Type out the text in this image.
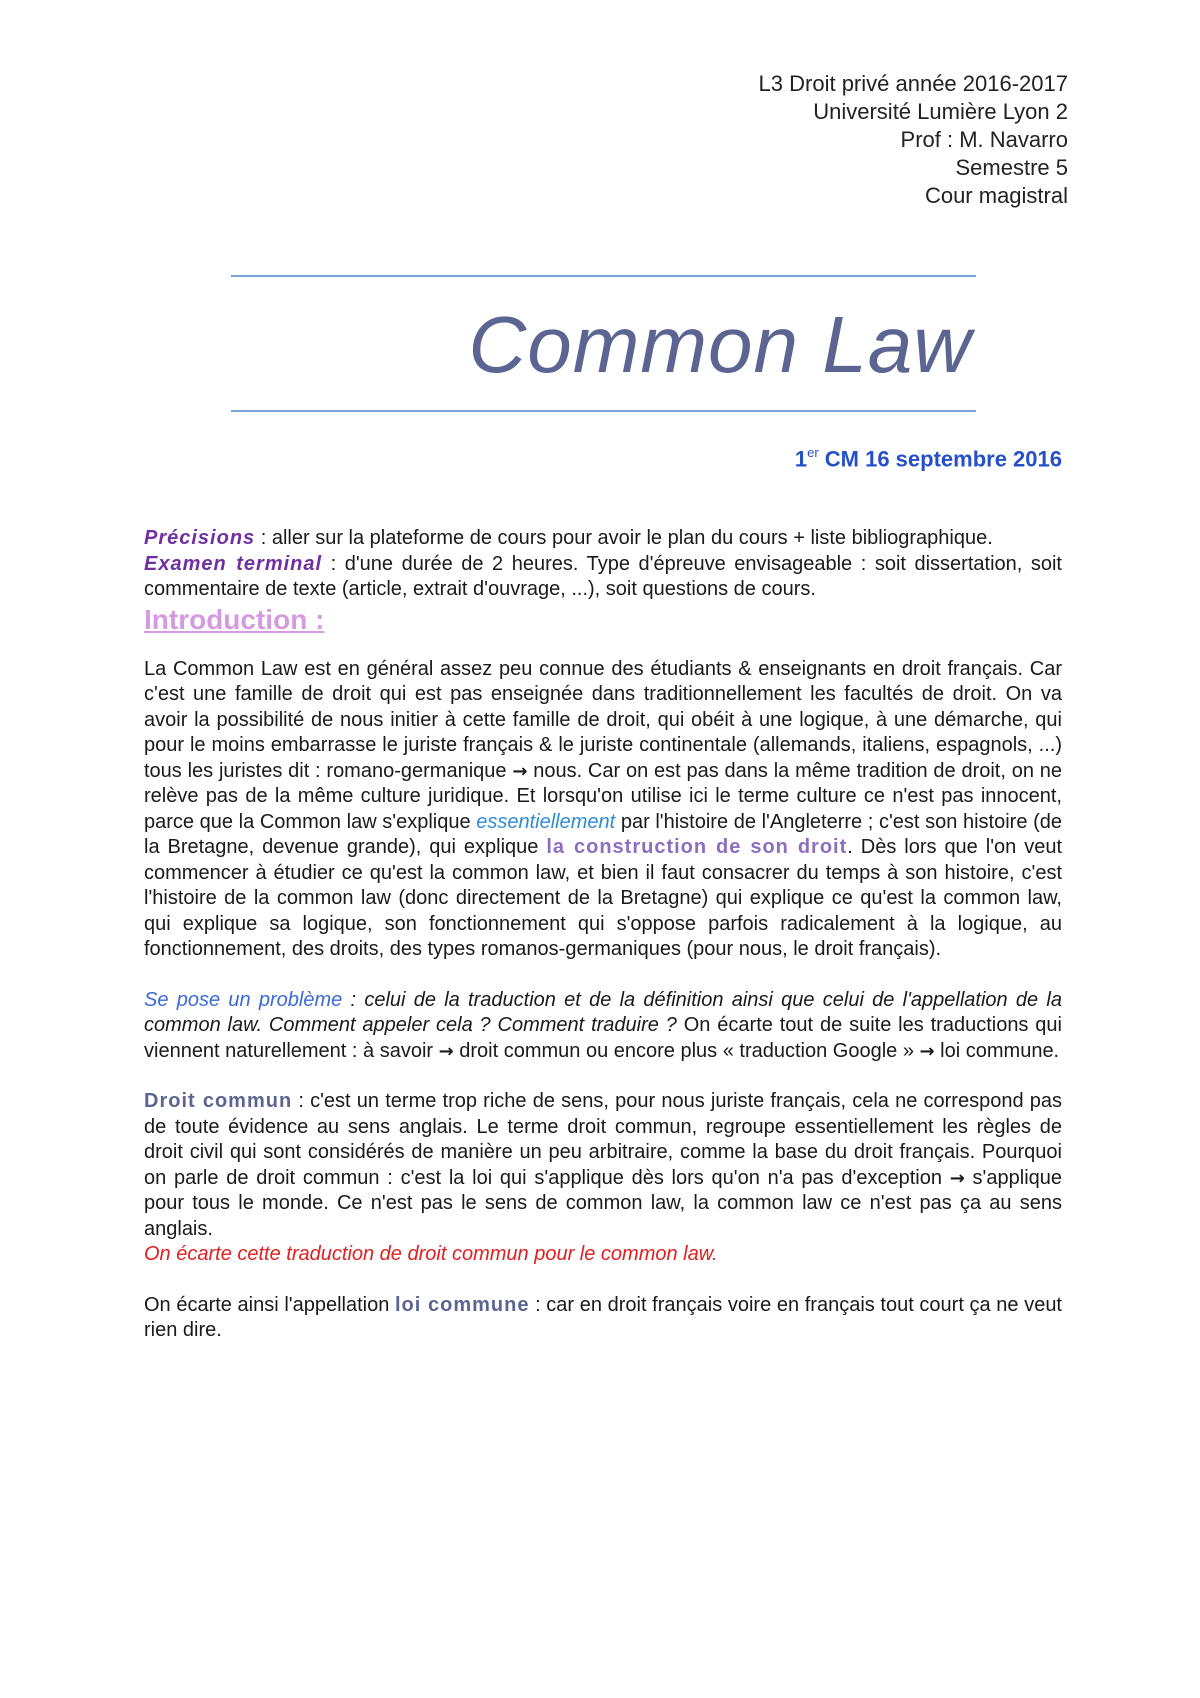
L3 Droit privé année 2016-2017
Université Lumière Lyon 2
Prof : M. Navarro
Semestre 5
Cour magistral
Common Law
1er CM 16 septembre 2016

Précisions : aller sur la plateforme de cours pour avoir le plan du cours + liste bibliographique.

Examen terminal : d'une durée de 2 heures. Type d'épreuve envisageable : soit dissertation, soit commentaire de texte (article, extrait d'ouvrage, ...), soit questions de cours.

Introduction :

La Common Law est en général assez peu connue des étudiants & enseignants en droit français. Car c'est une famille de droit qui est pas enseignée dans traditionnellement les facultés de droit. On va avoir la possibilité de nous initier à cette famille de droit, qui obéit à une logique, à une démarche, qui pour le moins embarrasse le juriste français & le juriste continentale (allemands, italiens, espagnols, ...) tous les juristes dit : romano-germanique → nous. Car on est pas dans la même tradition de droit, on ne relève pas de la même culture juridique. Et lorsqu'on utilise ici le terme culture ce n'est pas innocent, parce que la Common law s'explique essentiellement par l'histoire de l'Angleterre ; c'est son histoire (de la Bretagne, devenue grande), qui explique la construction de son droit. Dès lors que l'on veut commencer à étudier ce qu'est la common law, et bien il faut consacrer du temps à son histoire, c'est l'histoire de la common law (donc directement de la Bretagne) qui explique ce qu'est la common law, qui explique sa logique, son fonctionnement qui s'oppose parfois radicalement à la logique, au fonctionnement, des droits, des types romanos-germaniques (pour nous, le droit français).

Se pose un problème : celui de la traduction et de la définition ainsi que celui de l'appellation de la common law. Comment appeler cela ? Comment traduire ? On écarte tout de suite les traductions qui viennent naturellement : à savoir → droit commun ou encore plus « traduction Google » → loi commune.

Droit commun : c'est un terme trop riche de sens, pour nous juriste français, cela ne correspond pas de toute évidence au sens anglais. Le terme droit commun, regroupe essentiellement les règles de droit civil qui sont considérés de manière un peu arbitraire, comme la base du droit français. Pourquoi on parle de droit commun : c'est la loi qui s'applique dès lors qu'on n'a pas d'exception → s'applique pour tous le monde. Ce n'est pas le sens de common law, la common law ce n'est pas ça au sens anglais.

On écarte cette traduction de droit commun pour le common law.

On écarte ainsi l'appellation loi commune : car en droit français voire en français tout court ça ne veut rien dire.
